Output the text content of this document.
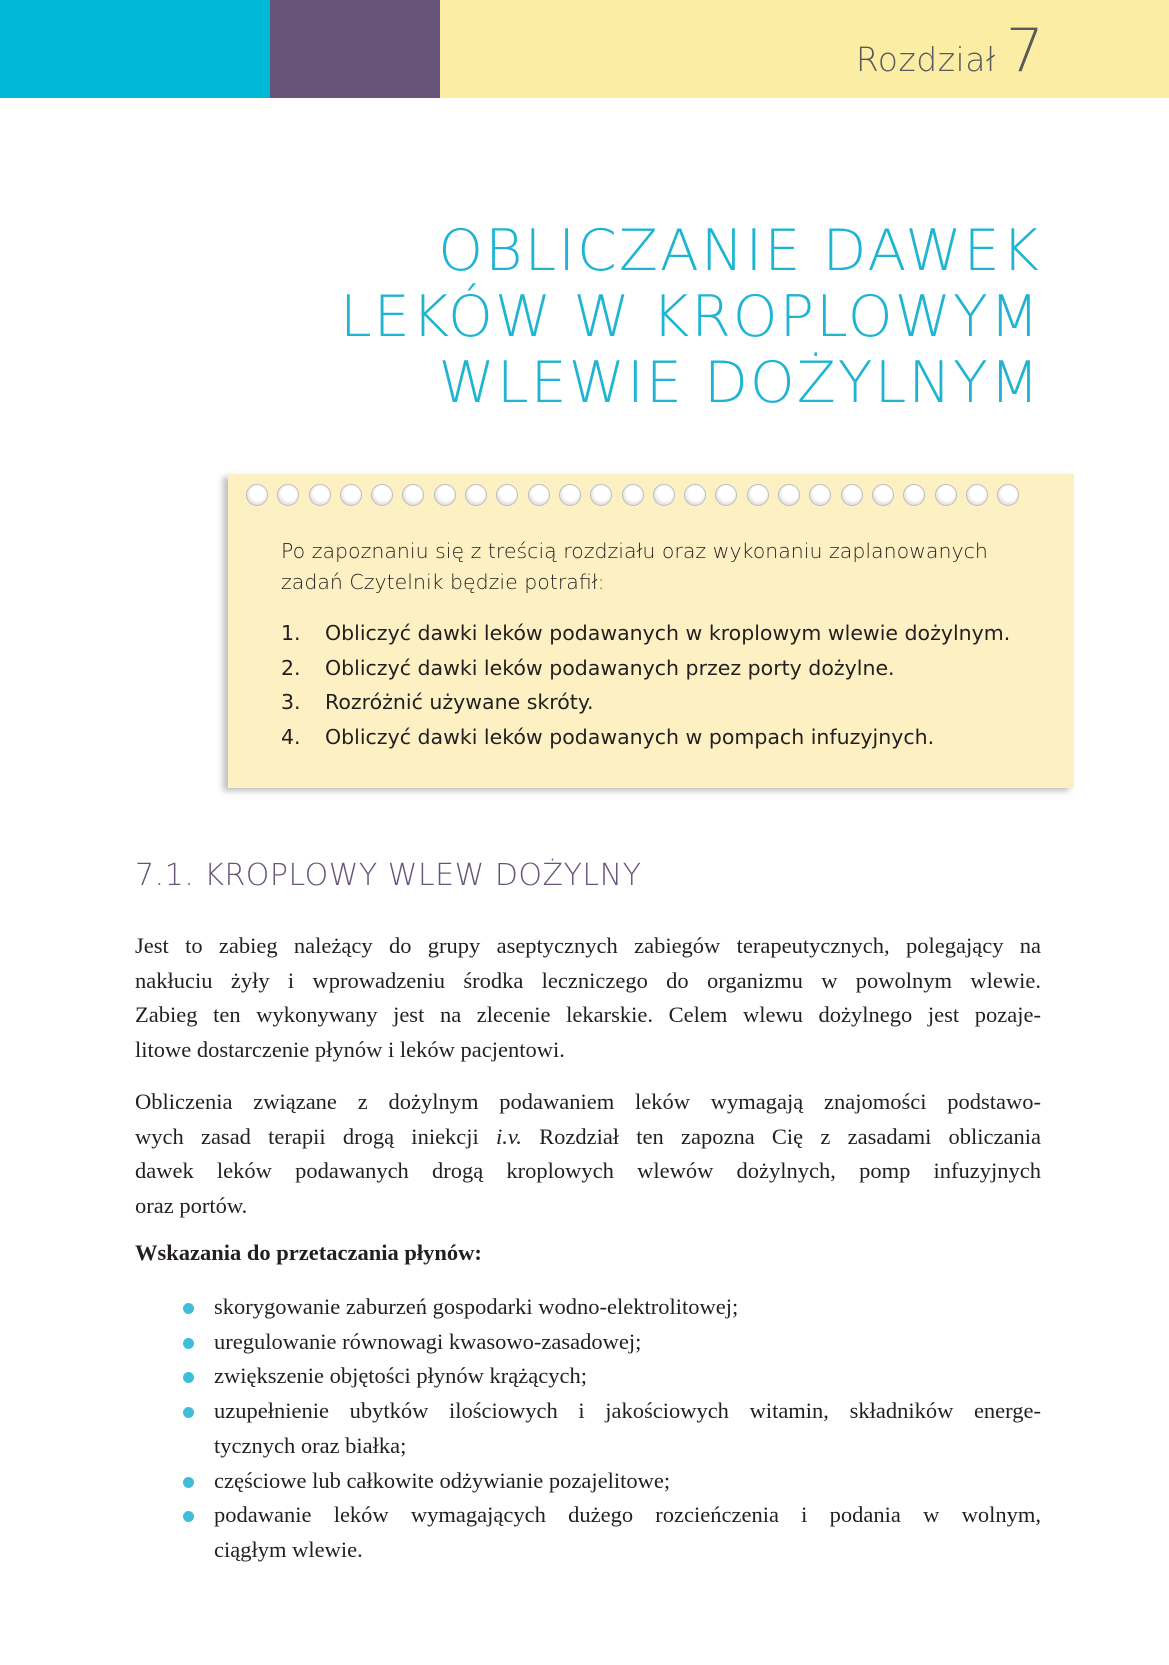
Rozdział 7
OBLICZANIE DAWEK
LEKÓW W KROPLOWYM
WLEWIE DOŻYLNYM
Po zapoznaniu się z treścią rozdziału oraz wykonaniu zaplanowanych
zadań Czytelnik będzie potrafił:
1.	Obliczyć dawki leków podawanych w kroplowym wlewie dożylnym.
2.	Obliczyć dawki leków podawanych przez porty dożylne.
3.	Rozróżnić używane skróty.
4.	Obliczyć dawki leków podawanych w pompach infuzyjnych.
7.1. KROPLOWY WLEW DOŻYLNY
Jest to zabieg należący do grupy aseptycznych zabiegów terapeutycznych, polegający na
nakłuciu żyły i wprowadzeniu środka leczniczego do organizmu w powolnym wlewie.
Zabieg ten wykonywany jest na zlecenie lekarskie. Celem wlewu dożylnego jest pozaje-
litowe dostarczenie płynów i leków pacjentowi.
Obliczenia związane z dożylnym podawaniem leków wymagają znajomości podstawo-
wych zasad terapii drogą iniekcji i.v. Rozdział ten zapozna Cię z zasadami obliczania
dawek leków podawanych drogą kroplowych wlewów dożylnych, pomp infuzyjnych
oraz portów.
Wskazania do przetaczania płynów:
skorygowanie zaburzeń gospodarki wodno-elektrolitowej;
uregulowanie równowagi kwasowo-zasadowej;
zwiększenie objętości płynów krążących;
uzupełnienie ubytków ilościowych i jakościowych witamin, składników energe-
tycznych oraz białka;
częściowe lub całkowite odżywianie pozajelitowe;
podawanie leków wymagających dużego rozcieńczenia i podania w wolnym,
ciągłym wlewie.
